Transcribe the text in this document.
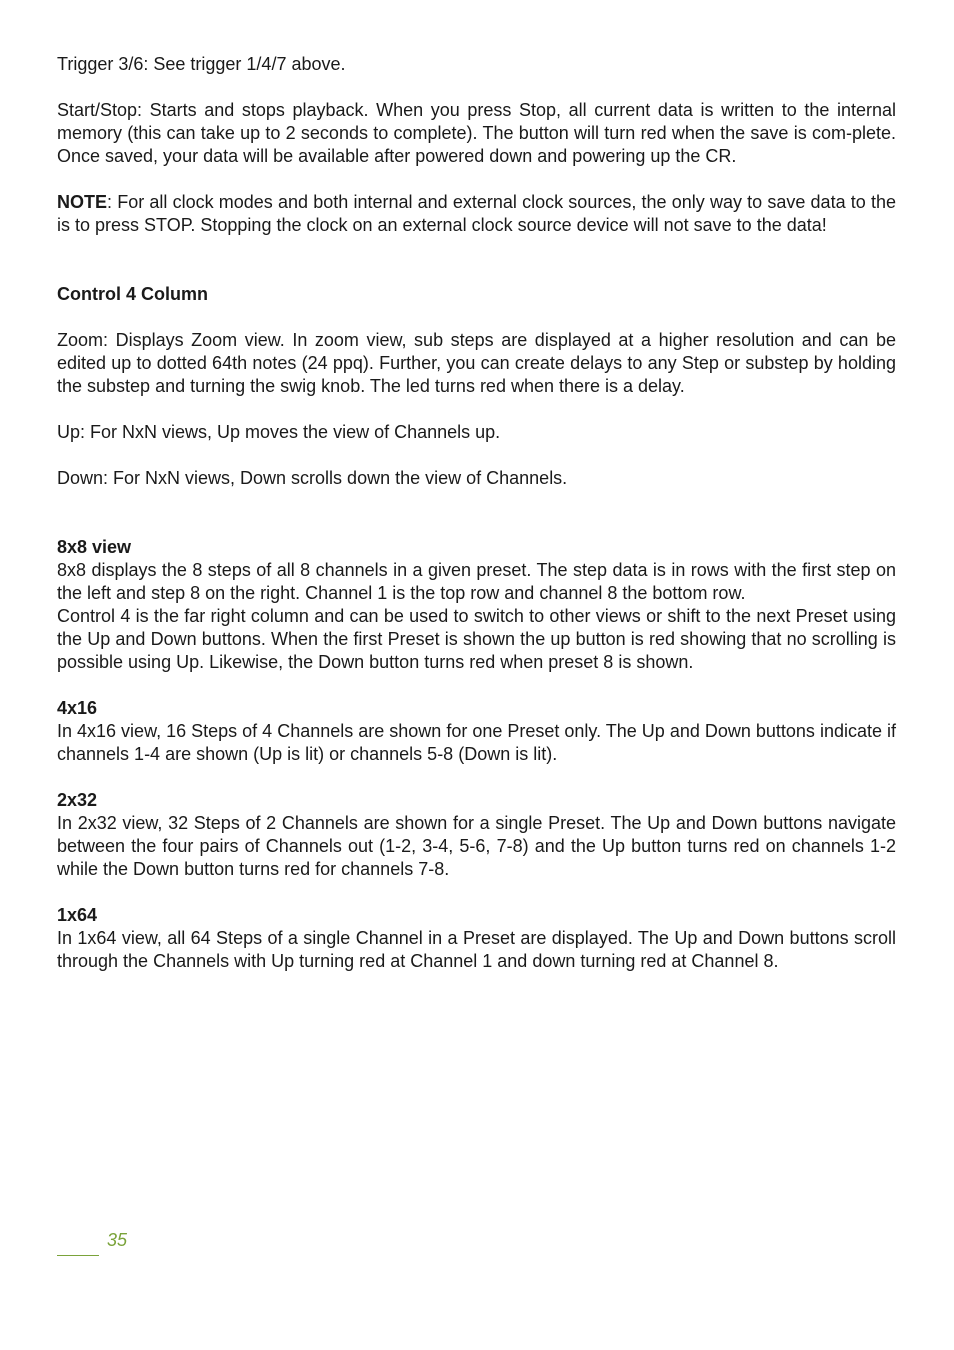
Trigger 3/6: See trigger 1/4/7 above.

Start/Stop: Starts and stops playback. When you press Stop, all current data is written to the internal memory (this can take up to 2 seconds to complete). The button will turn red when the save is com-plete. Once saved, your data will be available after powered down and powering up the CR.

NOTE: For all clock modes and both internal and external clock sources, the only way to save data to the is to press STOP. Stopping the clock on an external clock source device will not save to the data!

Control 4 Column

Zoom: Displays Zoom view. In zoom view, sub steps are displayed at a higher resolution and can be edited up to dotted 64th notes (24 ppq). Further, you can create delays to any Step or substep by holding the substep and turning the swig knob. The led turns red when there is a delay.

Up: For NxN views, Up moves the view of Channels up.

Down: For NxN views, Down scrolls down the view of Channels.

8x8 view

8x8 displays the 8 steps of all 8 channels in a given preset. The step data is in rows with the first step on the left and step 8 on the right. Channel 1 is the top row and channel 8 the bottom row.

Control 4 is the far right column and can be used to switch to other views or shift to the next Preset using the Up and Down buttons. When the first Preset is shown the up button is red showing that no scrolling is possible using Up. Likewise, the Down button turns red when preset 8 is shown.

4x16

In 4x16 view, 16 Steps of 4 Channels are shown for one Preset only. The Up and Down buttons indicate if channels 1-4 are shown (Up is lit) or channels 5-8 (Down is lit).

2x32

In 2x32 view, 32 Steps of 2 Channels are shown for a single Preset. The Up and Down buttons navigate between the four pairs of Channels out (1-2, 3-4, 5-6, 7-8) and the Up button turns red on channels 1-2 while the Down button turns red for channels 7-8.

1x64

In 1x64 view, all 64 Steps of a single Channel in a Preset are displayed. The Up and Down buttons scroll through the Channels with Up turning red at Channel 1 and down turning red at Channel 8.

35
